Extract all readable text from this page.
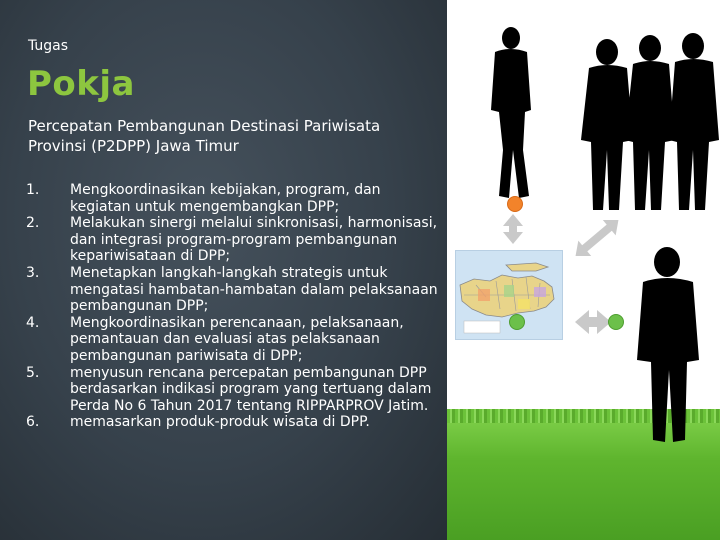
Tugas
Pokja
Percepatan Pembangunan Destinasi Pariwisata Provinsi (P2DPP) Jawa Timur
1.	Mengkoordinasikan kebijakan, program, dan kegiatan untuk mengembangkan DPP;
2.	Melakukan sinergi melalui sinkronisasi, harmonisasi, dan integrasi program-program pembangunan kepariwisataan di DPP;
3.	Menetapkan langkah-langkah strategis untuk mengatasi hambatan-hambatan dalam pelaksanaan pembangunan DPP;
4.	Mengkoordinasikan perencanaan, pelaksanaan, pemantauan dan evaluasi atas pelaksanaan pembangunan pariwisata di DPP;
5.	menyusun rencana percepatan pembangunan DPP berdasarkan indikasi program yang tertuang dalam Perda No 6 Tahun 2017 tentang RIPPARPROV Jatim.
6.	memasarkan produk-produk wisata di DPP.
